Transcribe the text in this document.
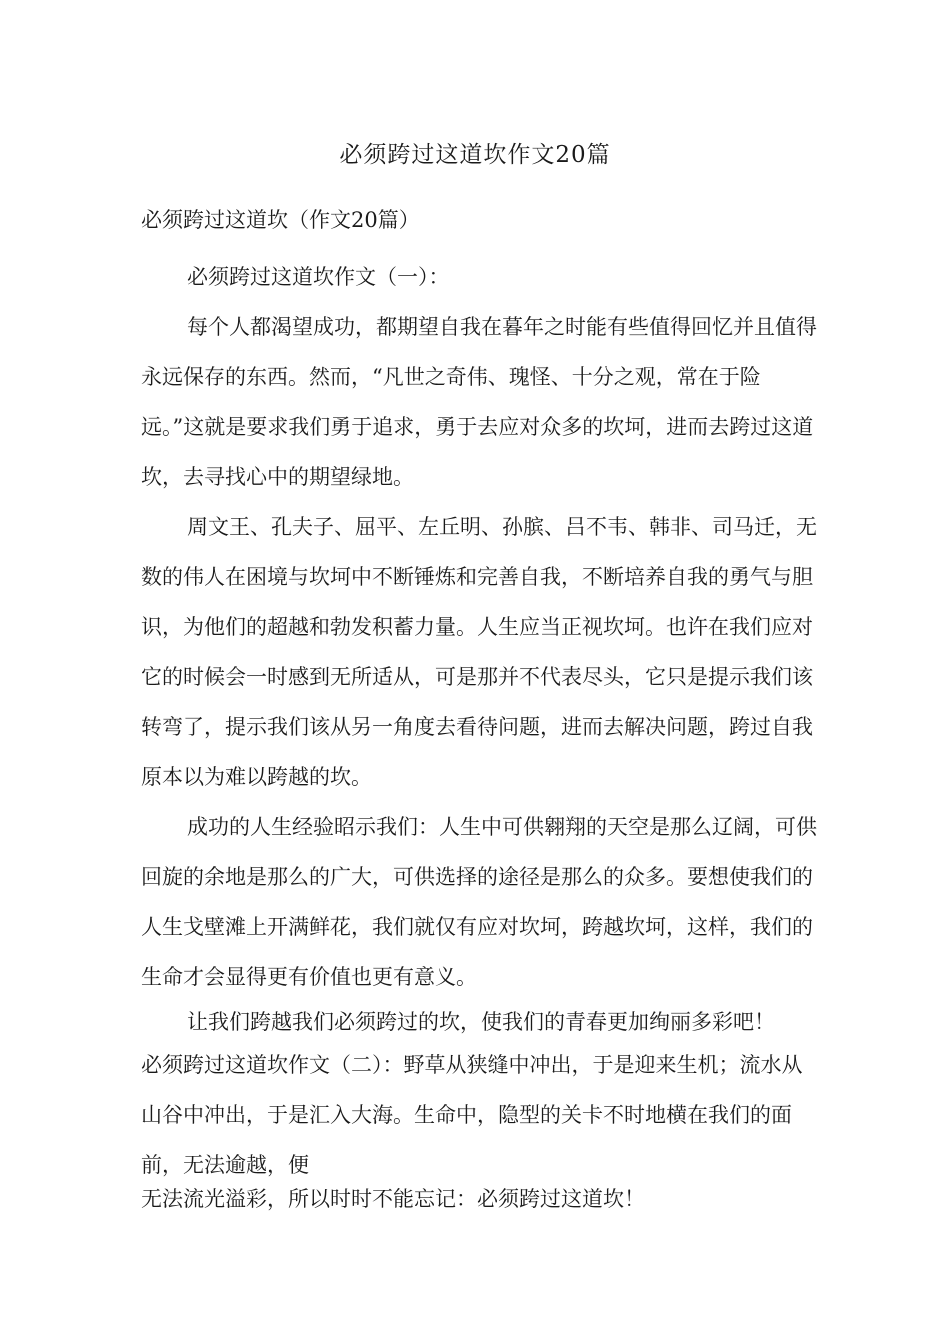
必须跨过这道坎作文20篇
必须跨过这道坎（作文20篇）

必须跨过这道坎作文（一）：

每个人都渴望成功，都期望自我在暮年之时能有些值得回忆并且值得永远保存的东西。然而，“凡世之奇伟、瑰怪、十分之观，常在于险远。”这就是要求我们勇于追求，勇于去应对众多的坎坷，进而去跨过这道坎，去寻找心中的期望绿地。

周文王、孔夫子、屈平、左丘明、孙膑、吕不韦、韩非、司马迁，无数的伟人在困境与坎坷中不断锤炼和完善自我，不断培养自我的勇气与胆识，为他们的超越和勃发积蓄力量。人生应当正视坎坷。也许在我们应对它的时候会一时感到无所适从，可是那并不代表尽头，它只是提示我们该转弯了，提示我们该从另一角度去看待问题，进而去解决问题，跨过自我原本以为难以跨越的坎。

成功的人生经验昭示我们：人生中可供翱翔的天空是那么辽阔，可供回旋的余地是那么的广大，可供选择的途径是那么的众多。要想使我们的人生戈壁滩上开满鲜花，我们就仅有应对坎坷，跨越坎坷，这样，我们的生命才会显得更有价值也更有意义。

让我们跨越我们必须跨过的坎，使我们的青春更加绚丽多彩吧！

必须跨过这道坎作文（二）：野草从狭缝中冲出，于是迎来生机；流水从山谷中冲出，于是汇入大海。生命中，隐型的关卡不时地横在我们的面前，无法逾越，便

无法流光溢彩，所以时时不能忘记：必须跨过这道坎！
